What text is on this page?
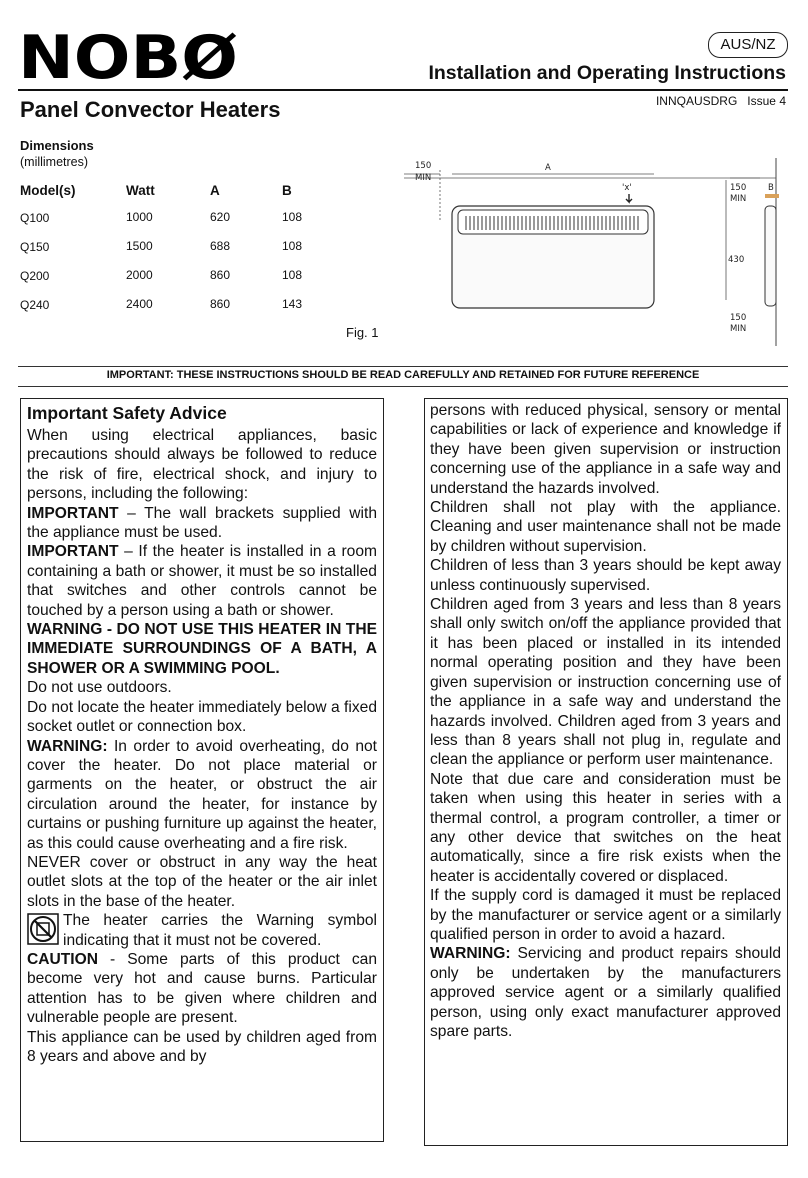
NOBØ	AUS/NZ
Installation and Operating Instructions
Panel Convector Heaters	INNQAUSDRG Issue 4
Dimensions
(millimetres)
Model(s)	Watt	A	B
Q100	1000	620	108
Q150	1500	688	108
Q200	2000	860	108
Q240	2400	860	143
Fig. 1
150
MIN
A
'x'	150
MIN
430
B
150
MIN
IMPORTANT: THESE INSTRUCTIONS SHOULD BE READ CAREFULLY AND RETAINED FOR FUTURE REFERENCE
Important Safety Advice

When using electrical appliances, basic precautions should always be followed to reduce the risk of fire, electrical shock, and injury to persons, including the following:

IMPORTANT – The wall brackets supplied with the appliance must be used.

IMPORTANT – If the heater is installed in a room containing a bath or shower, it must be so installed that switches and other controls cannot be touched by a person using a bath or shower.

WARNING - DO NOT USE THIS HEATER IN THE IMMEDIATE SURROUNDINGS OF A BATH, A SHOWER OR A SWIMMING POOL.

Do not use outdoors.

Do not locate the heater immediately below a fixed socket outlet or connection box.

WARNING: In order to avoid overheating, do not cover the heater. Do not place material or garments on the heater, or obstruct the air circulation around the heater, for instance by curtains or pushing furniture up against the heater, as this could cause overheating and a fire risk.

NEVER cover or obstruct in any way the heat outlet slots at the top of the heater or the air inlet slots in the base of the heater.

The heater carries the Warning symbol indicating that it must not be covered.

CAUTION - Some parts of this product can become very hot and cause burns. Particular attention has to be given where children and vulnerable people are present.

This appliance can be used by children aged from 8 years and above and by

persons with reduced physical, sensory or mental capabilities or lack of experience and knowledge if they have been given supervision or instruction concerning use of the appliance in a safe way and understand the hazards involved.

Children shall not play with the appliance. Cleaning and user maintenance shall not be made by children without supervision.

Children of less than 3 years should be kept away unless continuously supervised.

Children aged from 3 years and less than 8 years shall only switch on/off the appliance provided that it has been placed or installed in its intended normal operating position and they have been given supervision or instruction concerning use of the appliance in a safe way and understand the hazards involved. Children aged from 3 years and less than 8 years shall not plug in, regulate and clean the appliance or perform user maintenance.

Note that due care and consideration must be taken when using this heater in series with a thermal control, a program controller, a timer or any other device that switches on the heat automatically, since a fire risk exists when the heater is accidentally covered or displaced.

If the supply cord is damaged it must be replaced by the manufacturer or service agent or a similarly qualified person in order to avoid a hazard.

WARNING: Servicing and product repairs should only be undertaken by the manufacturers approved service agent or a similarly qualified person, using only exact manufacturer approved spare parts.
